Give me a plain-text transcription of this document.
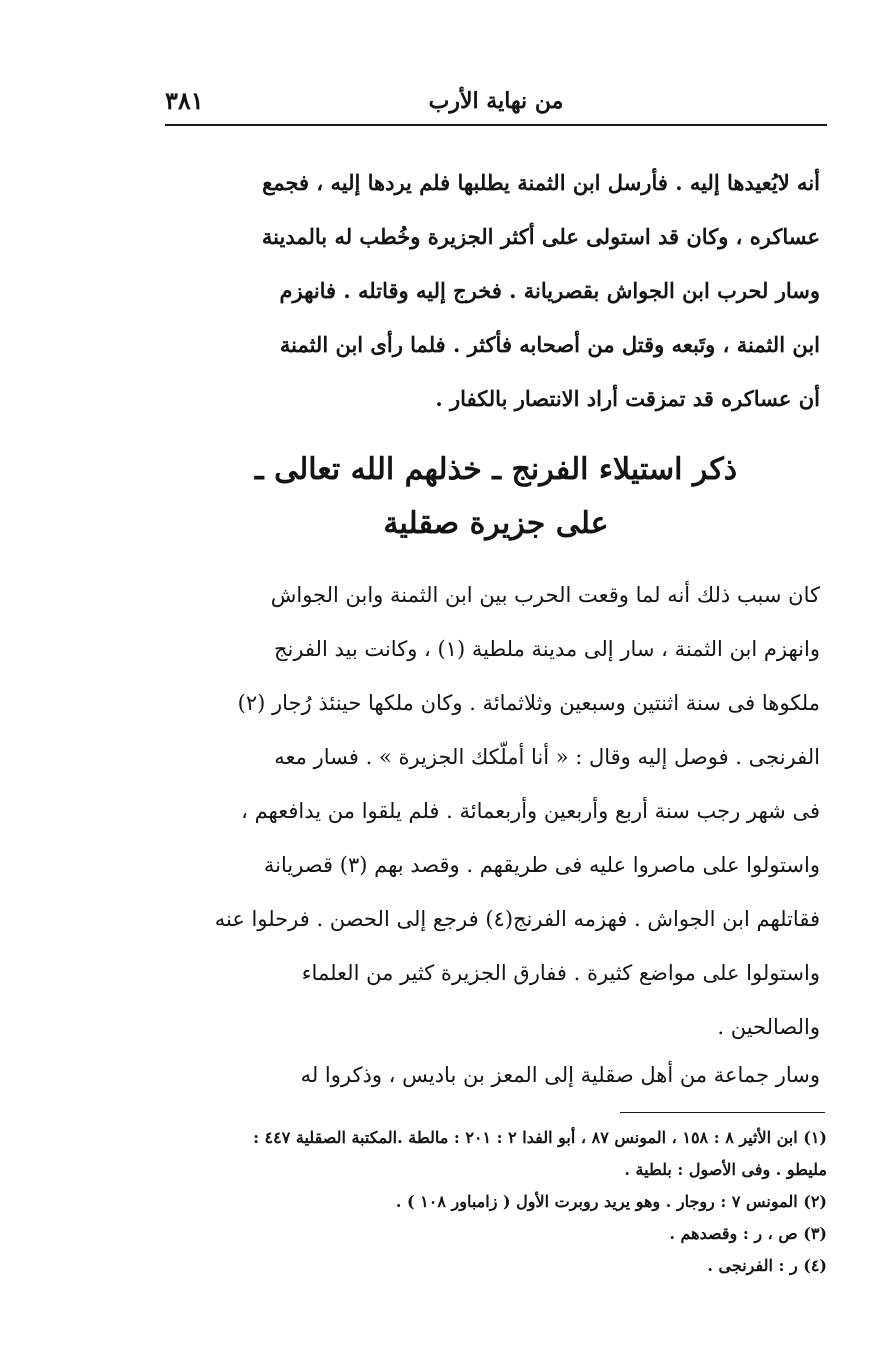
٣٨١	من نهاية الأرب
أنه لايُعيدها إليه . فأرسل ابن الثمنة يطلبها فلم يردها إليه ، فجمع
عساكره ، وكان قد استولى على أكثر الجزيرة وخُطب له بالمدينة
وسار لحرب ابن الجواش بقصريانة . فخرج إليه وقاتله . فانهزم
ابن الثمنة ، وتَبعه وقتل من أصحابه فأكثر . فلما رأى ابن الثمنة
أن عساكره قد تمزقت أراد الانتصار بالكفار .
ذكر استيلاء الفرنج ـ خذلهم الله تعالى ـ
على جزيرة صقلية
كان سبب ذلك أنه لما وقعت الحرب بين ابن الثمنة وابن الجواش
وانهزم ابن الثمنة ، سار إلى مدينة ملطية (١) ، وكانت بيد الفرنج
ملكوها فى سنة اثنتين وسبعين وثلاثمائة . وكان ملكها حينئذ رُجار (٢)
الفرنجى . فوصل إليه وقال : « أنا أملّكك الجزيرة » . فسار معه
فى شهر رجب سنة أربع وأربعين وأربعمائة . فلم يلقوا من يدافعهم ،
واستولوا على ماصروا عليه فى طريقهم . وقصد بهم (٣) قصريانة
فقاتلهم ابن الجواش . فهزمه الفرنج(٤) فرجع إلى الحصن . فرحلوا عنه
واستولوا على مواضع كثيرة . ففارق الجزيرة كثير من العلماء
والصالحين .
وسار جماعة من أهل صقلية إلى المعز بن باديس ، وذكروا له
(١) ابن الأثير ٨ : ١٥٨ ، المونس ٨٧ ، أبو الفدا ٢ : ٢٠١ : مالطة .المكتبة الصقلية ٤٤٧ :
مليطو . وفى الأصول : بلطية .
(٢) المونس ٧ : روجار . وهو يريد روبرت الأول ( زامباور ١٠٨ ) .
(٣) ص ، ر : وقصدهم .
(٤) ر : الفرنجى .
